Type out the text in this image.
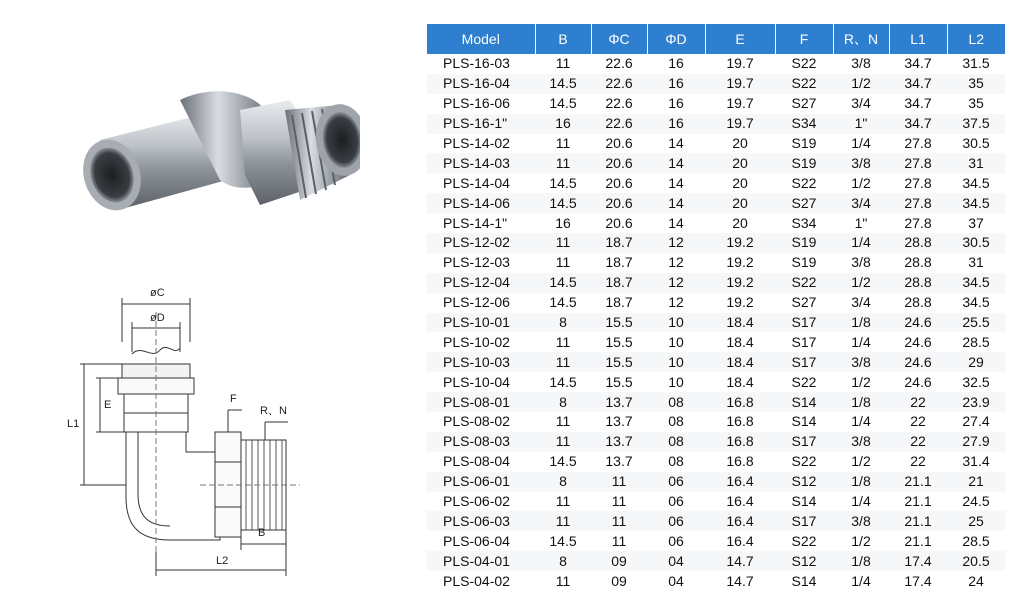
øC
øD
E
L1
F
R、N
B
L2
Model	B	ΦC	ΦD	E	F	R、N	L1	L2
PLS-16-03	11	22.6	16	19.7	S22	3/8	34.7	31.5
PLS-16-04	14.5	22.6	16	19.7	S22	1/2	34.7	35
PLS-16-06	14.5	22.6	16	19.7	S27	3/4	34.7	35
PLS-16-1"	16	22.6	16	19.7	S34	1"	34.7	37.5
PLS-14-02	11	20.6	14	20	S19	1/4	27.8	30.5
PLS-14-03	11	20.6	14	20	S19	3/8	27.8	31
PLS-14-04	14.5	20.6	14	20	S22	1/2	27.8	34.5
PLS-14-06	14.5	20.6	14	20	S27	3/4	27.8	34.5
PLS-14-1"	16	20.6	14	20	S34	1"	27.8	37
PLS-12-02	11	18.7	12	19.2	S19	1/4	28.8	30.5
PLS-12-03	11	18.7	12	19.2	S19	3/8	28.8	31
PLS-12-04	14.5	18.7	12	19.2	S22	1/2	28.8	34.5
PLS-12-06	14.5	18.7	12	19.2	S27	3/4	28.8	34.5
PLS-10-01	8	15.5	10	18.4	S17	1/8	24.6	25.5
PLS-10-02	11	15.5	10	18.4	S17	1/4	24.6	28.5
PLS-10-03	11	15.5	10	18.4	S17	3/8	24.6	29
PLS-10-04	14.5	15.5	10	18.4	S22	1/2	24.6	32.5
PLS-08-01	8	13.7	08	16.8	S14	1/8	22	23.9
PLS-08-02	11	13.7	08	16.8	S14	1/4	22	27.4
PLS-08-03	11	13.7	08	16.8	S17	3/8	22	27.9
PLS-08-04	14.5	13.7	08	16.8	S22	1/2	22	31.4
PLS-06-01	8	11	06	16.4	S12	1/8	21.1	21
PLS-06-02	11	11	06	16.4	S14	1/4	21.1	24.5
PLS-06-03	11	11	06	16.4	S17	3/8	21.1	25
PLS-06-04	14.5	11	06	16.4	S22	1/2	21.1	28.5
PLS-04-01	8	09	04	14.7	S12	1/8	17.4	20.5
PLS-04-02	11	09	04	14.7	S14	1/4	17.4	24
